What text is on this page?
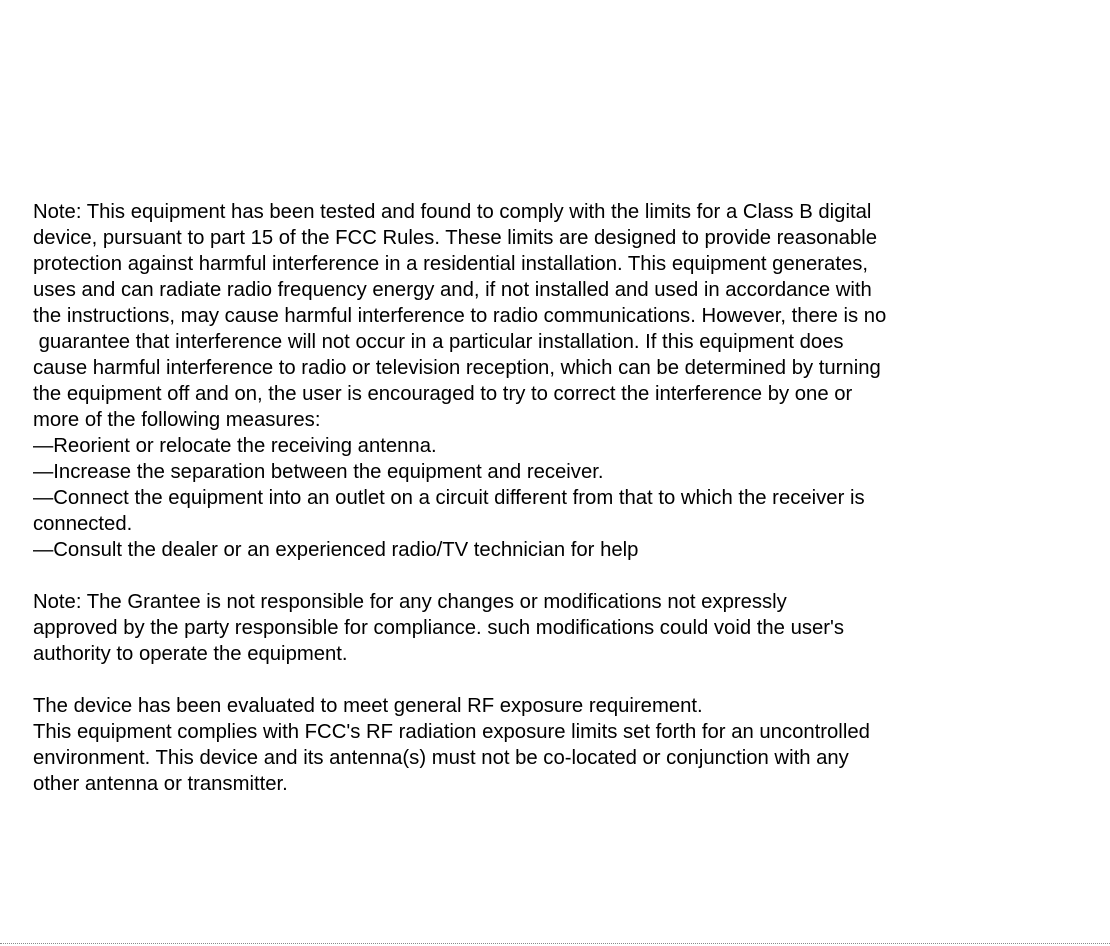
Note: This equipment has been tested and found to comply with the limits for a Class B digital
device, pursuant to part 15 of the FCC Rules. These limits are designed to provide reasonable
protection against harmful interference in a residential installation. This equipment generates,
uses and can radiate radio frequency energy and, if not installed and used in accordance with
the instructions, may cause harmful interference to radio communications. However, there is no
guarantee that interference will not occur in a particular installation. If this equipment does
cause harmful interference to radio or television reception, which can be determined by turning
the equipment off and on, the user is encouraged to try to correct the interference by one or
more of the following measures:
—Reorient or relocate the receiving antenna.
—Increase the separation between the equipment and receiver.
—Connect the equipment into an outlet on a circuit different from that to which the receiver is
connected.
—Consult the dealer or an experienced radio/TV technician for help
Note: The Grantee is not responsible for any changes or modifications not expressly
approved by the party responsible for compliance. such modifications could void the user's
authority to operate the equipment.
The device has been evaluated to meet general RF exposure requirement.
This equipment complies with FCC's RF radiation exposure limits set forth for an uncontrolled
environment. This device and its antenna(s) must not be co-located or conjunction with any
other antenna or transmitter.
